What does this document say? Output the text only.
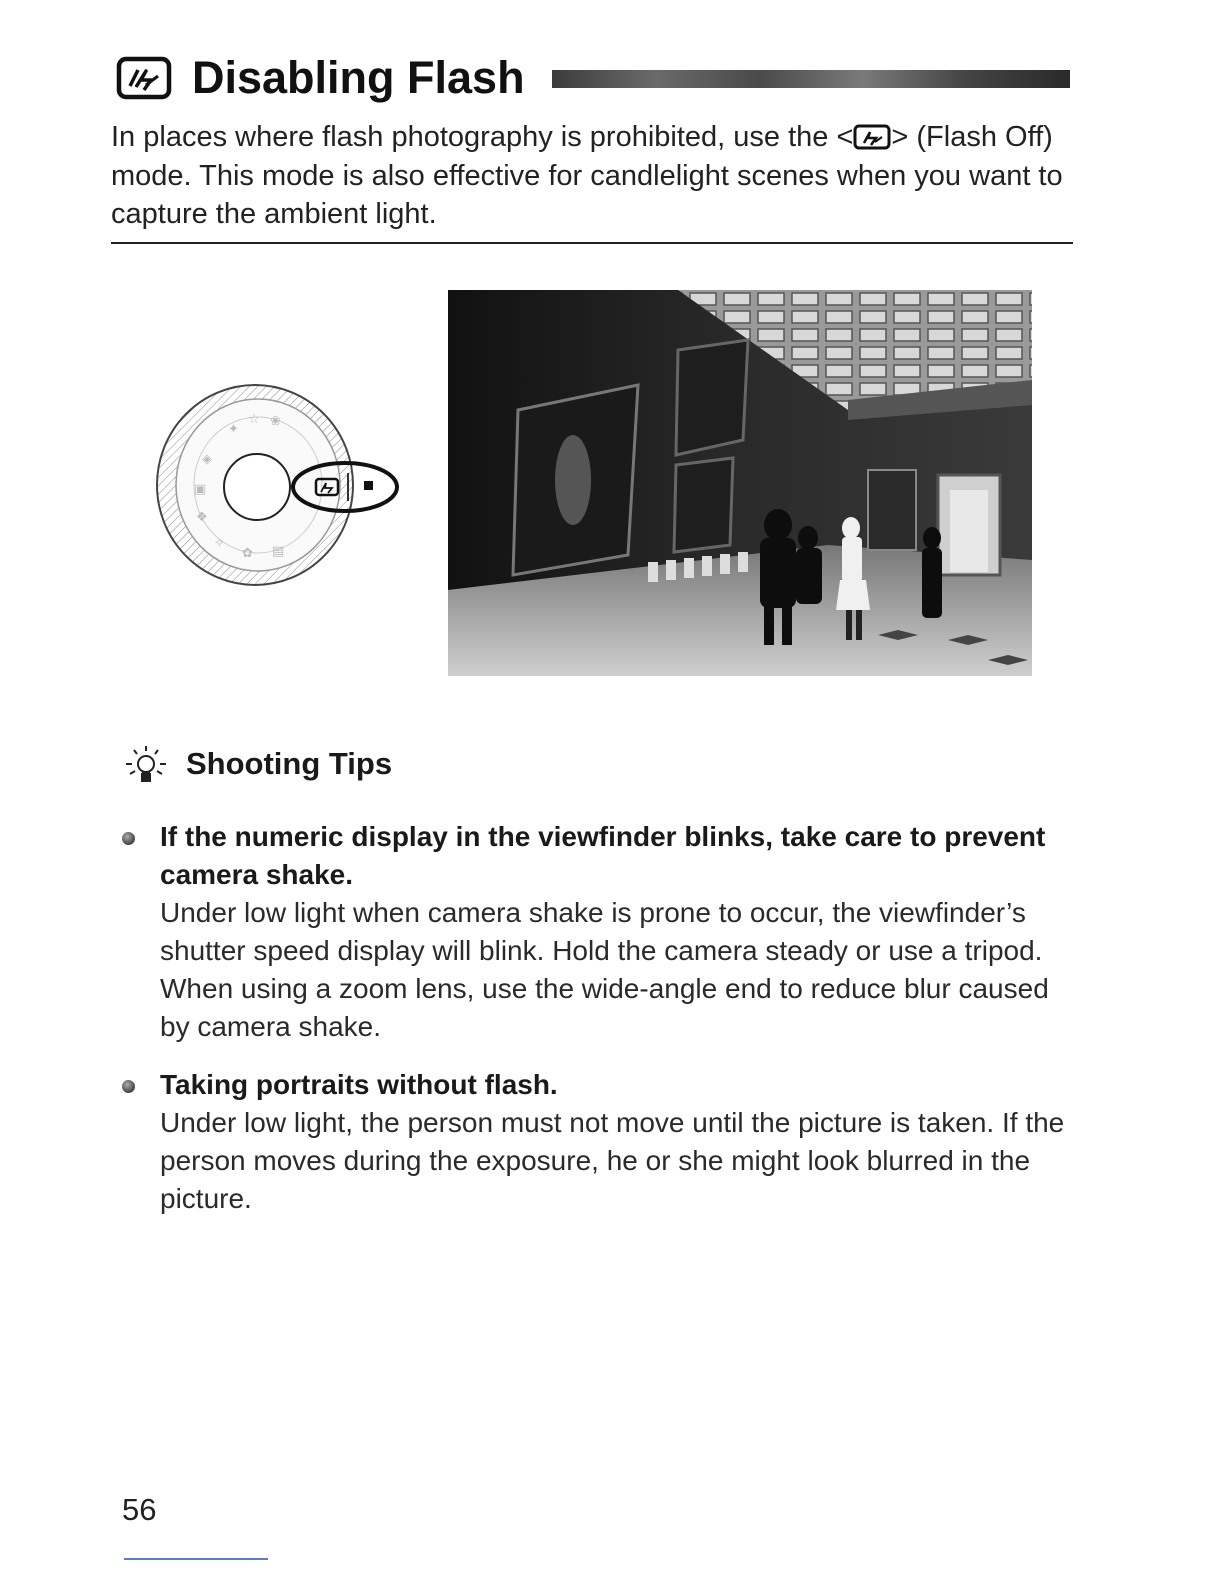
Disabling Flash

In places where flash photography is prohibited, use the < > (Flash Off) mode. This mode is also effective for candlelight scenes when you want to capture the ambient light.

✦
☆ ❀
◈
▣
❖
✧
✿ ▤
Shooting Tips

If the numeric display in the viewfinder blinks, take care to prevent camera shake.

Under low light when camera shake is prone to occur, the viewfinder’s shutter speed display will blink. Hold the camera steady or use a tripod. When using a zoom lens, use the wide-angle end to reduce blur caused by camera shake.

Taking portraits without flash.

Under low light, the person must not move until the picture is taken. If the person moves during the exposure, he or she might look blurred in the picture.

56
